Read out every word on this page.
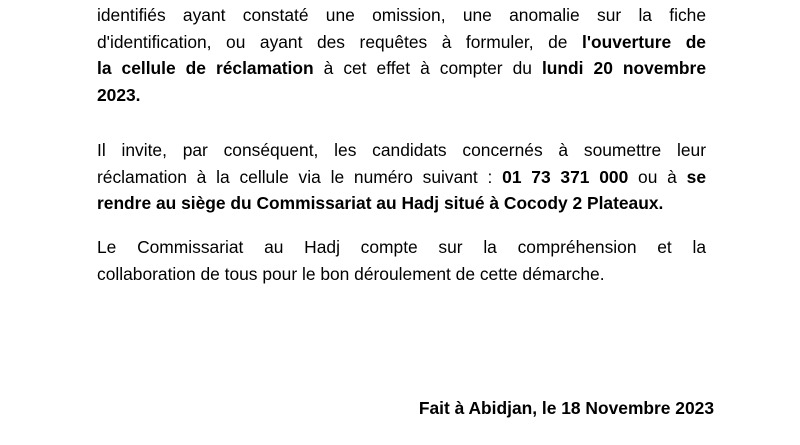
identifiés ayant constaté une omission, une anomalie sur la fiche
d'identification, ou ayant des requêtes à formuler, de l'ouverture de
la cellule de réclamation à cet effet à compter du lundi 20 novembre
2023.

Il invite, par conséquent, les candidats concernés à soumettre leur
réclamation à la cellule via le numéro suivant : 01 73 371 000 ou à se
rendre au siège du Commissariat au Hadj situé à Cocody 2 Plateaux.

Le Commissariat au Hadj compte sur la compréhension et la
collaboration de tous pour le bon déroulement de cette démarche.

Fait à Abidjan, le 18 Novembre 2023
